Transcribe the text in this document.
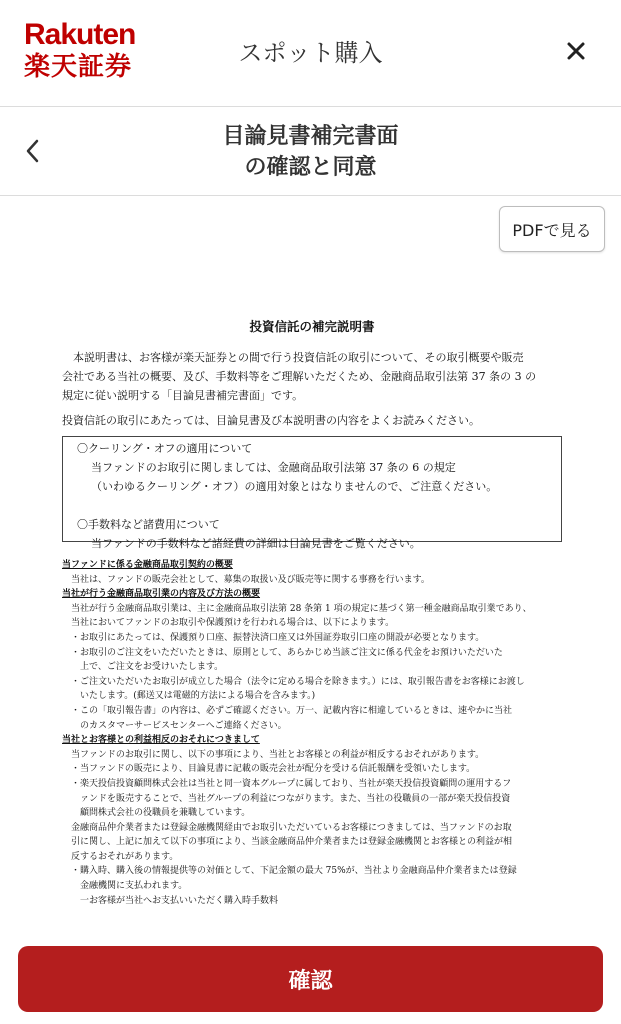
Rakuten
楽天証券	スポット購入
目論見書補完書面
の確認と同意
PDFで見る
投資信託の補完説明書
本説明書は、お客様が楽天証券との間で行う投資信託の取引について、その取引概要や販売
会社である当社の概要、及び、手数料等をご理解いただくため、金融商品取引法第 37 条の 3 の
規定に従い説明する「目論見書補完書面」です。
投資信託の取引にあたっては、目論見書及び本説明書の内容をよくお読みください。
〇クーリング・オフの適用について
当ファンドのお取引に関しましては、金融商品取引法第 37 条の 6 の規定
（いわゆるクーリング・オフ）の適用対象とはなりませんので、ご注意ください。
〇手数料など諸費用について
当ファンドの手数料など諸経費の詳細は目論見書をご覧ください。
当ファンドに係る金融商品取引契約の概要
当社は、ファンドの販売会社として、募集の取扱い及び販売等に関する事務を行います。
当社が行う金融商品取引業の内容及び方法の概要
当社が行う金融商品取引業は、主に金融商品取引法第 28 条第 1 項の規定に基づく第一種金融商品取引業であり、
当社においてファンドのお取引や保護預けを行われる場合は、以下によります。
・お取引にあたっては、保護預り口座、振替決済口座又は外国証券取引口座の開設が必要となります。
・お取引のご注文をいただいたときは、原則として、あらかじめ当該ご注文に係る代金をお預けいただいた
上で、ご注文をお受けいたします。
・ご注文いただいたお取引が成立した場合（法令に定める場合を除きます。）には、取引報告書をお客様にお渡し
いたします。(郵送又は電磁的方法による場合を含みます。)
・この「取引報告書」の内容は、必ずご確認ください。万一、記載内容に相違しているときは、速やかに当社
のカスタマーサービスセンターへご連絡ください。
当社とお客様との利益相反のおそれにつきまして
当ファンドのお取引に関し、以下の事項により、当社とお客様との利益が相反するおそれがあります。
・当ファンドの販売により、目論見書に記載の販売会社が配分を受ける信託報酬を受領いたします。
・楽天投信投資顧問株式会社は当社と同一資本グループに属しており、当社が楽天投信投資顧問の運用するフ
ァンドを販売することで、当社グループの利益につながります。また、当社の役職員の一部が楽天投信投資
顧問株式会社の役職員を兼職しています。
金融商品仲介業者または登録金融機関経由でお取引いただいているお客様につきましては、当ファンドのお取
引に関し、上記に加えて以下の事項により、当該金融商品仲介業者または登録金融機関とお客様との利益が相
反するおそれがあります。
・購入時、購入後の情報提供等の対価として、下記金額の最大 75%が、当社より金融商品仲介業者または登録
金融機関に支払われます。
一お客様が当社へお支払いいただく購入時手数料
確認
